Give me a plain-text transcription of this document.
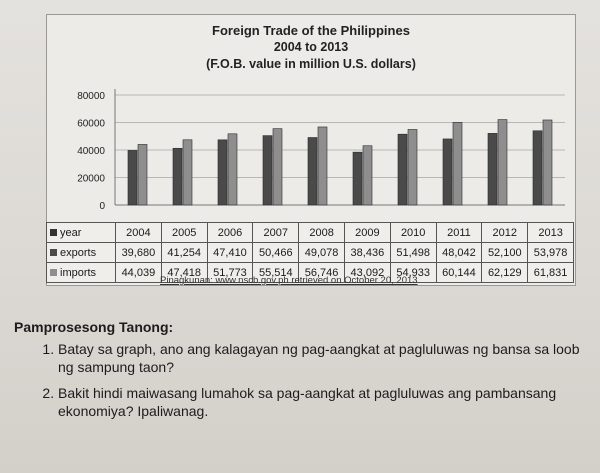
Foreign Trade of the Philippines
2004 to 2013
(F.O.B. value in million U.S. dollars)
80000
60000
40000
20000
0
year	2004	2005	2006	2007	2008	2009	2010	2011	2012	2013
exports	39,680	41,254	47,410	50,466	49,078	38,436	51,498	48,042	52,100	53,978
imports	44,039	47,418	51,773	55,514	56,746	43,092	54,933	60,144	62,129	61,831
Pinagkunan: www.nscb.gov.ph retrieved on October 20, 2013
Pamprosesong Tanong:
1. Batay sa graph, ano ang kalagayan ng pag-aangkat at pagluluwas ng bansa sa loob ng sampung taon?
2. Bakit hindi maiwasang lumahok sa pag-aangkat at pagluluwas ang pambansang ekonomiya? Ipaliwanag.
